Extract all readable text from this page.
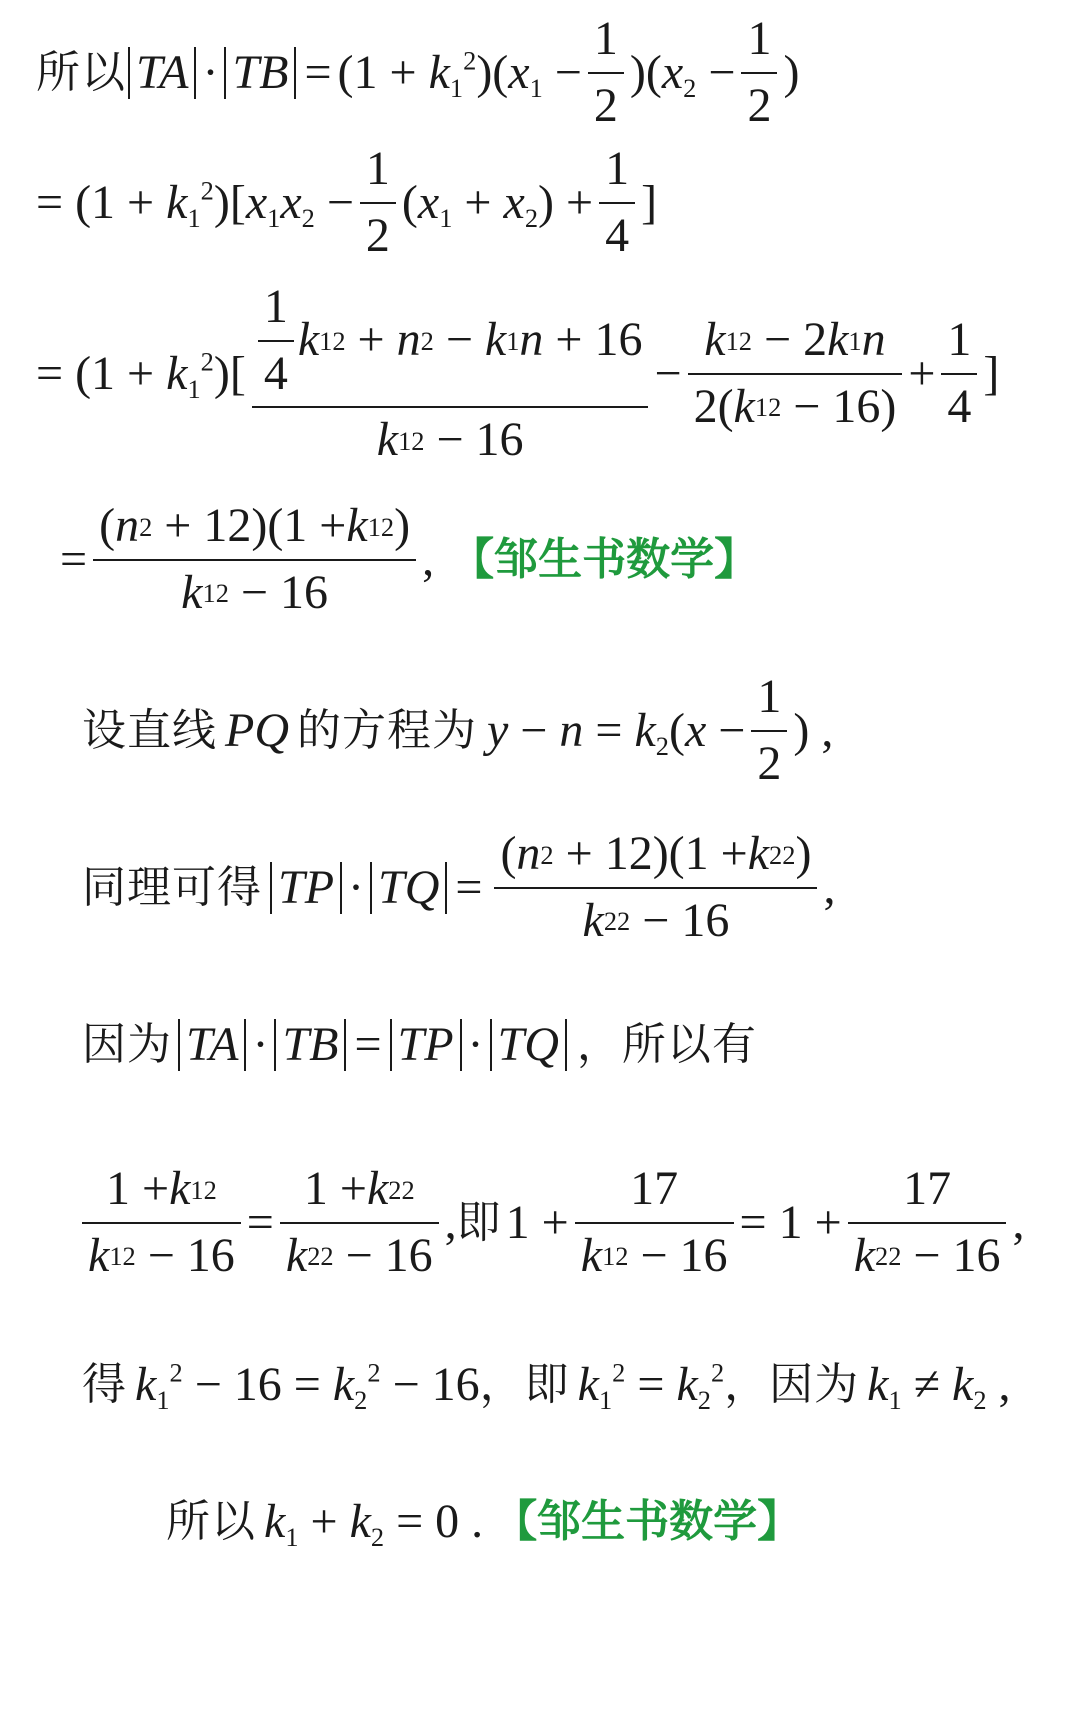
所以 TA · TB = $(1 + k_1^2)(x_1 - \frac{1}{2} )(x_2 - \frac{1}{2}$ )
= $(1 + k_1^2)[x_1x_2 - \frac{1}{2} (x_1 + x_2) + \frac{1}{4}$ ]
= $(1 + k_1^2)[ \frac{\frac{1}{4} k 1 2 + n 2 - k 1 n + 16}{k 1 2 - 16} - \frac{k 1 2 - 2 k 1 n}{2( k 1 2 - 16)} + \frac{1}{4}$ ]
= $\frac{( n 2 + 12)(1 + k 1 2 )}{k 1 2 - 16}$ , 【邹生书数学】
设直线 PQ 的方程为 $y - n = k_2(x - \frac{1}{2}$ ) ,
同理可得 TP · TQ = $\frac{( n 2 + 12)(1 + k 2 2 )}{k 2 2 - 16}$ ,
因为 TA · TB = TP · TQ ，所以有
$\frac{1 + k 1 2}{k 1 2 - 16} = \frac{1 + k 2 2}{k 2 2 - 16}$ , 即 $1 + \frac{17}{k 1 2 - 16} = 1 + \frac{17}{k 2 2 - 16}$ ,
得 $k_1^2 - 16 = k_2^2 - 16$ ，即 $k_1^2 = k_2^2$ ，因为 $k_1 \ne k_2$ ,
所以 $k_1 + k_2 = 0$ . 【邹生书数学】
